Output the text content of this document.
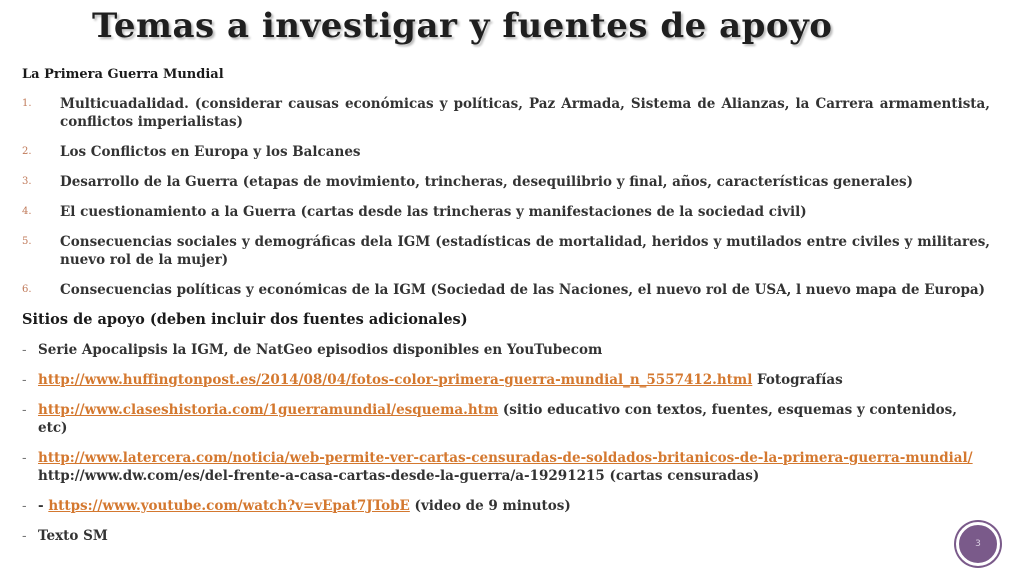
Temas a investigar y fuentes de apoyo
La Primera Guerra Mundial
1.	Multicuadalidad. (considerar causas económicas y políticas, Paz Armada, Sistema de Alianzas, la Carrera armamentista, conflictos imperialistas)
2.	Los Conflictos en Europa y los Balcanes
3.	Desarrollo de la Guerra (etapas de movimiento, trincheras, desequilibrio y final, años, características generales)
4.	El cuestionamiento a la Guerra (cartas desde las trincheras y manifestaciones de la sociedad civil)
5.	Consecuencias sociales y demográficas dela IGM (estadísticas de mortalidad, heridos y mutilados entre civiles y militares, nuevo rol de la mujer)
6.	Consecuencias políticas y económicas de la IGM (Sociedad de las Naciones, el nuevo rol de USA, l nuevo mapa de Europa)
Sitios de apoyo (deben incluir dos fuentes adicionales)
- Serie Apocalipsis la IGM, de NatGeo episodios disponibles en YouTubecom
- http://www.huffingtonpost.es/2014/08/04/fotos-color-primera-guerra-mundial_n_5557412.html Fotografías
- http://www.claseshistoria.com/1guerramundial/esquema.htm (sitio educativo con textos, fuentes, esquemas y contenidos, etc)
- http://www.latercera.com/noticia/web-permite-ver-cartas-censuradas-de-soldados-britanicos-de-la-primera-guerra-mundial/ http://www.dw.com/es/del-frente-a-casa-cartas-desde-la-guerra/a-19291215 (cartas censuradas)
- - https://www.youtube.com/watch?v=vEpat7JTobE (video de 9 minutos)
- Texto SM	3
